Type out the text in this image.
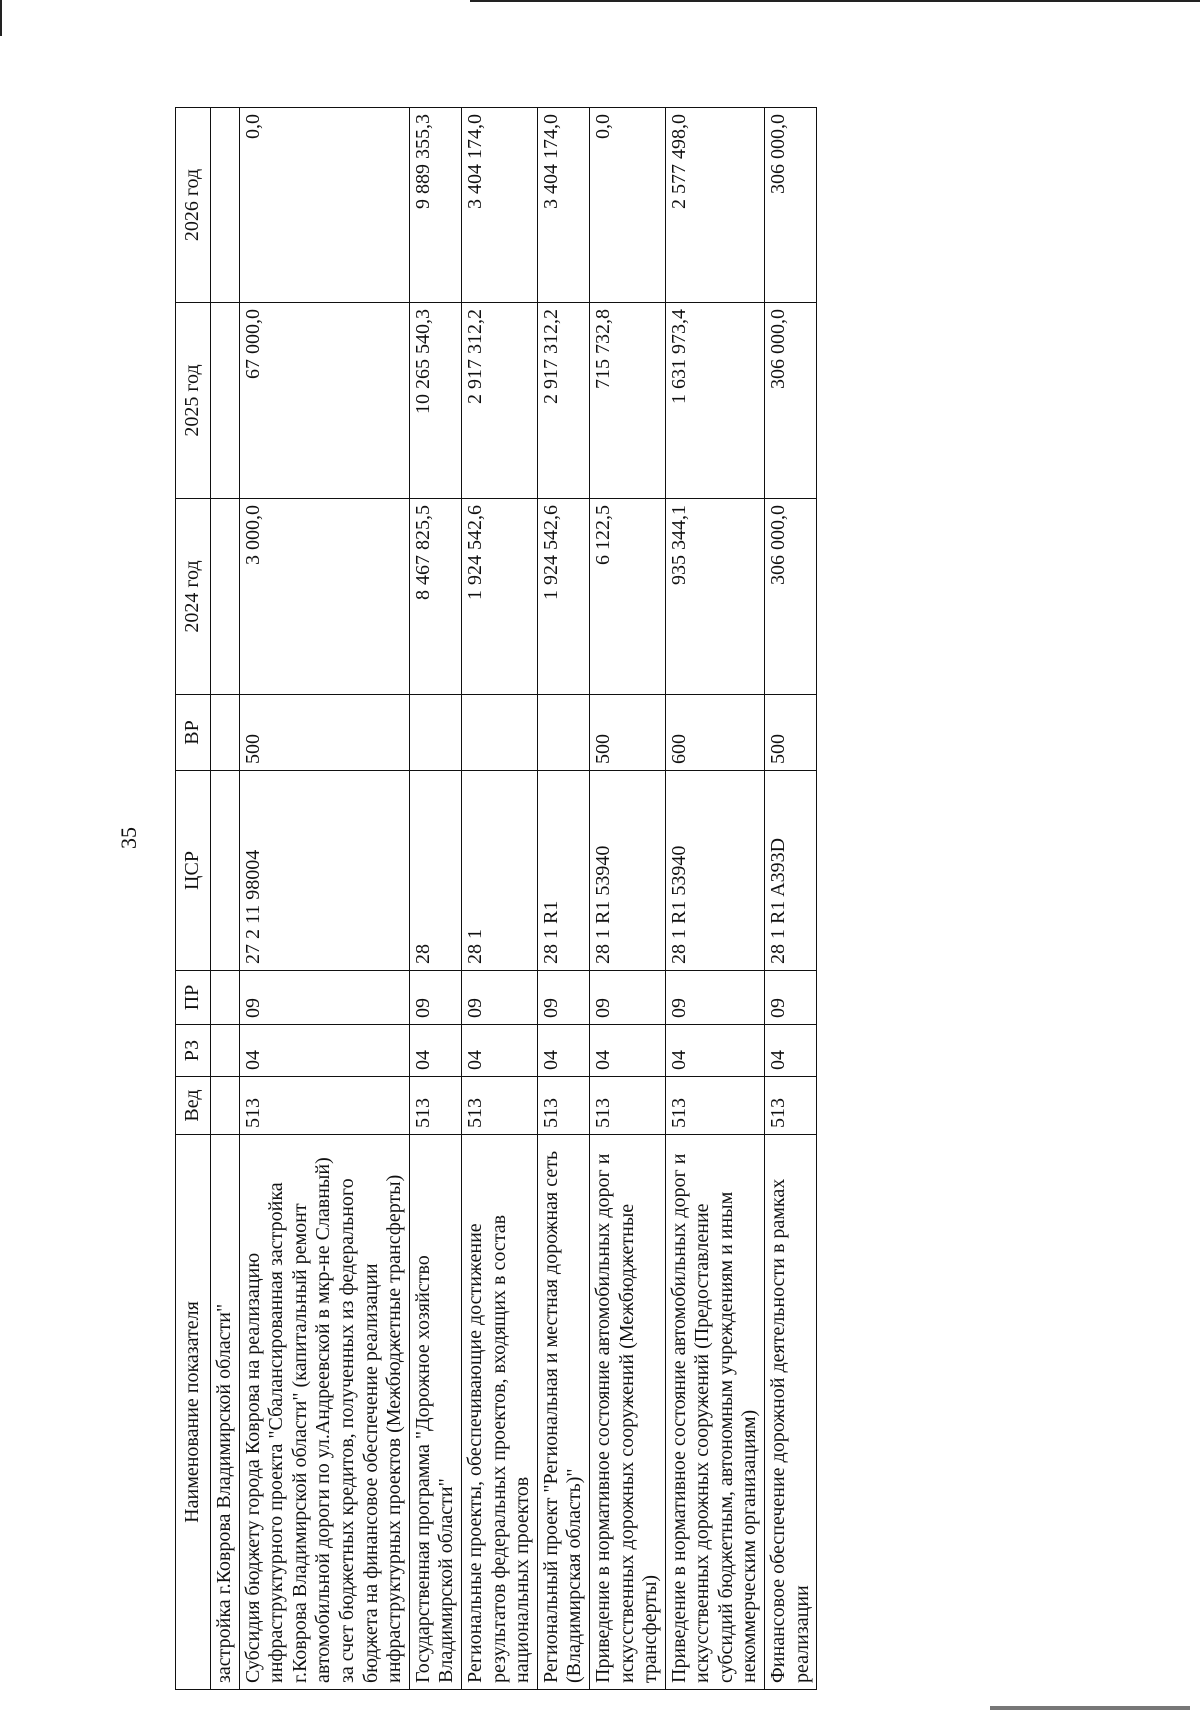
35
Наименование показателя	Вед	РЗ	ПР	ЦСР	ВР	2024 год	2025 год	2026 год
застройка г.Коврова Владимирской области"								
Субсидия бюджету города Коврова на реализацию инфраструктурного проекта "Сбалансированная застройка г.Коврова Владимирской области" (капитальный ремонт автомобильной дороги по ул.Андреевской в мкр-не Славный) за счет бюджетных кредитов, полученных из федерального бюджета на финансовое обеспечение реализации инфраструктурных проектов (Межбюджетные трансферты)	513	04	09	27 2 11 98004	500	3 000,0	67 000,0	0,0
Государственная программа "Дорожное хозяйство Владимирской области"	513	04	09	28		8 467 825,5	10 265 540,3	9 889 355,3
Региональные проекты, обеспечивающие достижение результатов федеральных проектов, входящих в состав национальных проектов	513	04	09	28 1		1 924 542,6	2 917 312,2	3 404 174,0
Региональный проект "Региональная и местная дорожная сеть (Владимирская область)"	513	04	09	28 1 R1		1 924 542,6	2 917 312,2	3 404 174,0
Приведение в нормативное состояние автомобильных дорог и искусственных дорожных сооружений (Межбюджетные трансферты)	513	04	09	28 1 R1 53940	500	6 122,5	715 732,8	0,0
Приведение в нормативное состояние автомобильных дорог и искусственных дорожных сооружений (Предоставление субсидий бюджетным, автономным учреждениям и иным некоммерческим организациям)	513	04	09	28 1 R1 53940	600	935 344,1	1 631 973,4	2 577 498,0
Финансовое обеспечение дорожной деятельности в рамках реализации	513	04	09	28 1 R1 A393D	500	306 000,0	306 000,0	306 000,0
